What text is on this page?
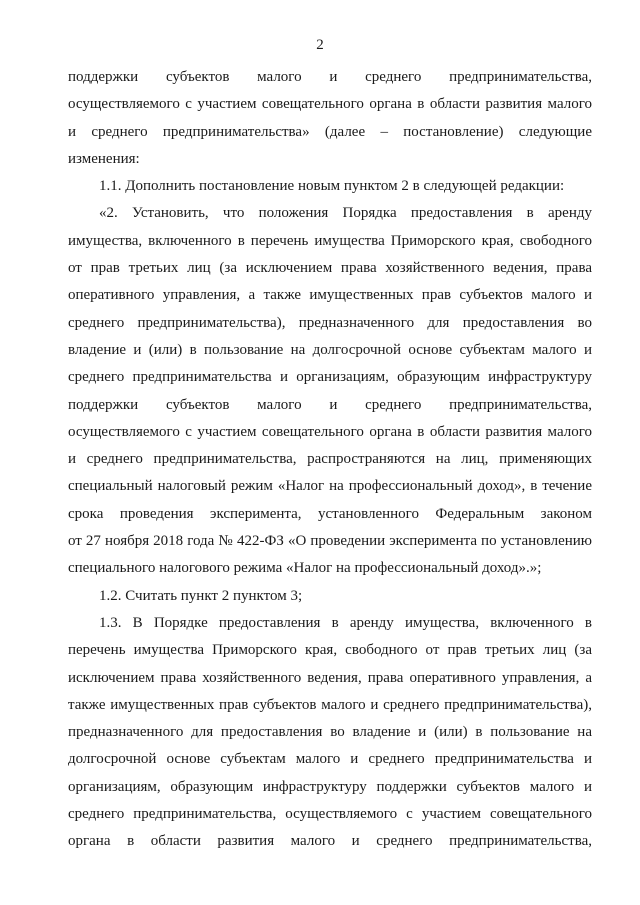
2
поддержки субъектов малого и среднего предпринимательства,
осуществляемого с участием совещательного органа в области развития малого
и среднего предпринимательства» (далее – постановление) следующие
изменения:
1.1. Дополнить постановление новым пунктом 2 в следующей редакции:
«2. Установить, что положения Порядка предоставления в аренду
имущества, включенного в перечень имущества Приморского края, свободного
от прав третьих лиц (за исключением права хозяйственного ведения, права
оперативного управления, а также имущественных прав субъектов малого и
среднего предпринимательства), предназначенного для предоставления во
владение и (или) в пользование на долгосрочной основе субъектам малого и
среднего предпринимательства и организациям, образующим инфраструктуру
поддержки субъектов малого и среднего предпринимательства,
осуществляемого с участием совещательного органа в области развития малого
и среднего предпринимательства, распространяются на лиц, применяющих
специальный налоговый режим «Налог на профессиональный доход», в течение
срока проведения эксперимента, установленного Федеральным законом
от 27 ноября 2018 года № 422-ФЗ «О проведении эксперимента по установлению
специального налогового режима «Налог на профессиональный доход».»;
1.2. Считать пункт 2 пунктом 3;
1.3. В Порядке предоставления в аренду имущества, включенного в
перечень имущества Приморского края, свободного от прав третьих лиц (за
исключением права хозяйственного ведения, права оперативного управления, а
также имущественных прав субъектов малого и среднего предпринимательства),
предназначенного для предоставления во владение и (или) в пользование на
долгосрочной основе субъектам малого и среднего предпринимательства и
организациям, образующим инфраструктуру поддержки субъектов малого и
среднего предпринимательства, осуществляемого с участием совещательного
органа в области развития малого и среднего предпринимательства,
